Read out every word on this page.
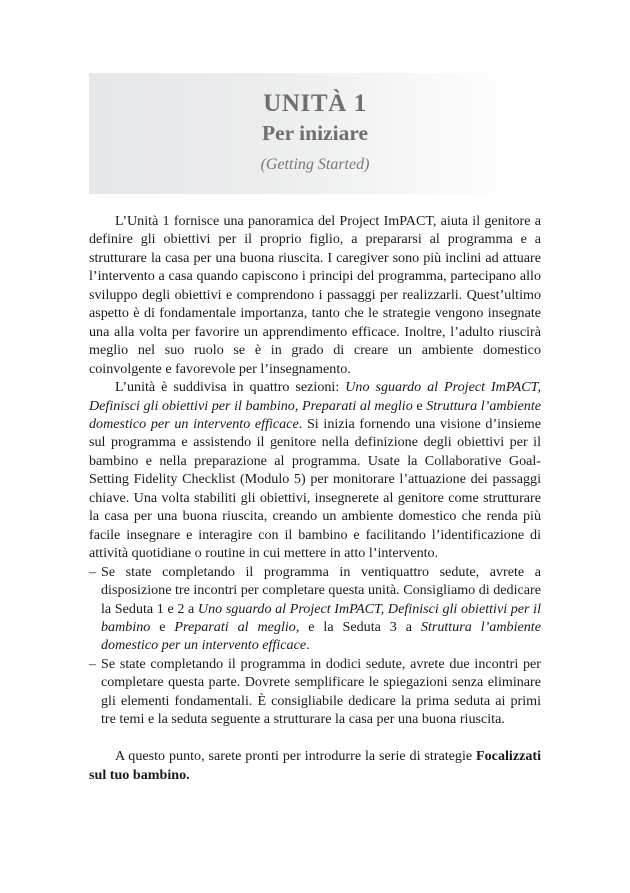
UNITÀ 1
Per iniziare
(Getting Started)

L’Unità 1 fornisce una panoramica del Project ImPACT, aiuta il genitore a definire gli obiettivi per il proprio figlio, a prepararsi al programma e a strutturare la casa per una buona riuscita. I caregiver sono più inclini ad attuare l’intervento a casa quando capiscono i principi del programma, partecipano allo sviluppo degli obiettivi e comprendono i passaggi per realizzarli. Quest’ultimo aspetto è di fondamentale importanza, tanto che le strategie vengono insegnate una alla volta per favorire un apprendimento efficace. Inoltre, l’adulto riuscirà meglio nel suo ruolo se è in grado di creare un ambiente domestico coinvolgente e favorevole per l’insegnamento.

L’unità è suddivisa in quattro sezioni: Uno sguardo al Project ImPACT, Definisci gli obiettivi per il bambino, Preparati al meglio e Struttura l’ambiente domestico per un intervento efficace. Si inizia fornendo una visione d’insieme sul programma e assistendo il genitore nella definizione degli obiettivi per il bambino e nella preparazione al programma. Usate la Collaborative Goal-Setting Fidelity Checklist (Modulo 5) per monitorare l’attuazione dei passaggi chiave. Una volta stabiliti gli obiettivi, insegnerete al genitore come strutturare la casa per una buona riuscita, creando un ambiente domestico che renda più facile insegnare e interagire con il bambino e facilitando l’identificazione di attività quotidiane o routine in cui mettere in atto l’intervento.

– Se state completando il programma in ventiquattro sedute, avrete a disposizione tre incontri per completare questa unità. Consigliamo di dedicare la Seduta 1 e 2 a Uno sguardo al Project ImPACT, Definisci gli obiettivi per il bambino e Preparati al meglio, e la Seduta 3 a Struttura l’ambiente domestico per un intervento efficace.
– Se state completando il programma in dodici sedute, avrete due incontri per completare questa parte. Dovrete semplificare le spiegazioni senza eliminare gli elementi fondamentali. È consigliabile dedicare la prima seduta ai primi tre temi e la seduta seguente a strutturare la casa per una buona riuscita.

A questo punto, sarete pronti per introdurre la serie di strategie Focalizzati sul tuo bambino.
